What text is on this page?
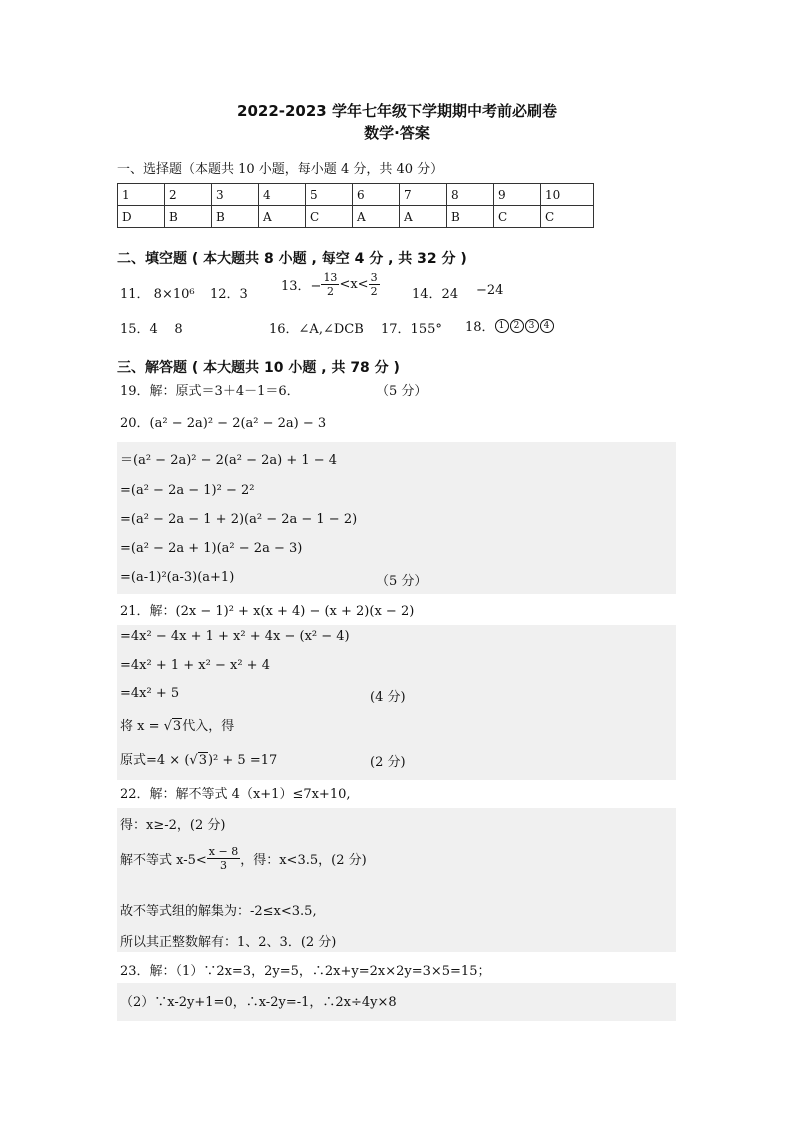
2022-2023 学年七年级下学期期中考前必刷卷
数学·答案
一、选择题（本题共 10 小题，每小题 4 分，共 40 分）
1	2	3	4	5	6	7	8	9	10
D	B	B	A	C	A	A	B	C	C
二、填空题 ( 本大题共 8 小题 , 每空 4 分 , 共 32 分 )
11． 8×10⁶ 12．3
13．− $\frac{13}{2} <x< \frac{3}{2} 14$．24 −24
15．4    8	16．∠A,∠DCB 17．155° 18． 1 2 3 4
三、解答题 ( 本大题共 10 小题 , 共 78 分 )
19．解：原式＝3＋4－1＝6．	（5 分）
20．(a² − 2a)² − 2(a² − 2a) − 3
＝(a² − 2a)² − 2(a² − 2a) + 1 − 4
=(a² − 2a − 1)² − 2²
=(a² − 2a − 1 + 2)(a² − 2a − 1 − 2)
=(a² − 2a + 1)(a² − 2a − 3)
=(a-1)²(a-3)(a+1)	（5 分）
21．解：(2x − 1)² + x(x + 4) − (x + 2)(x − 2)
=4x² − 4x + 1 + x² + 4x − (x² − 4)
=4x² + 1 + x² − x² + 4
=4x² + 5	(4 分)
将 x = √3代入，得
原式=4 × (√3)² + 5 =17	(2 分)
22．解：解不等式 4（x+1）≤7x+10,
得：x≥-2，(2 分)
解不等式 $x-5< \frac{x - 8}{3}$ ，得：x<3.5，(2 分)
故不等式组的解集为：-2≤x<3.5,
所以其正整数解有：1、2、3．(2 分)
23．解：（1）∵2x=3，2y=5，∴2x+y=2x×2y=3×5=15；
（2）∵x-2y+1=0，∴x-2y=-1，∴2x÷4y×8
